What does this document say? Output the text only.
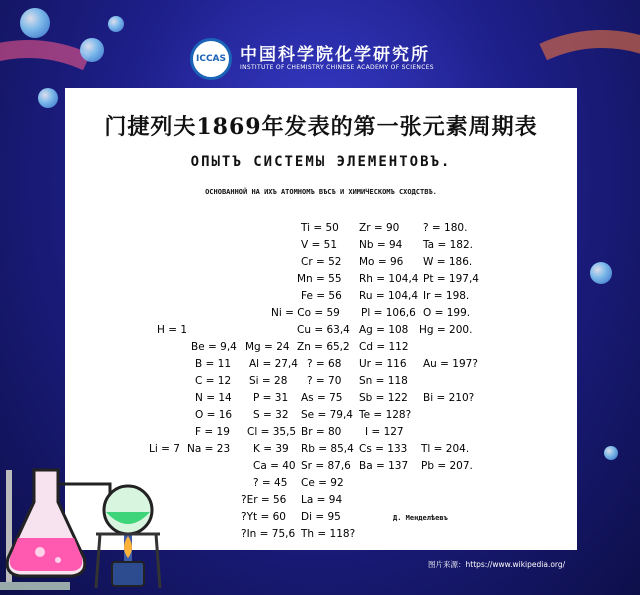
ICCAS 中国科学院化学研究所
INSTITUTE OF CHEMISTRY CHINESE ACADEMY OF SCIENCES
门捷列夫1869年发表的第一张元素周期表
ОПЫТЪ СИСТЕМЫ ЭЛЕМЕНТОВЪ.
ОСНОВАННОЙ НА ИХЪ АТОМНОМЪ ВѢСѢ И ХИМИЧЕСКОМЪ СХОДСТВѢ.
Ti = 50 Zr = 90 ? = 180.
V = 51 Nb = 94 Ta = 182.
Cr = 52 Mo = 96 W = 186.
Mn = 55 Rh = 104,4 Pt = 197,4
Fe = 56 Ru = 104,4 Ir = 198.
Ni = Co = 59 Pl = 106,6 O = 199.
H = 1	Cu = 63,4 Ag = 108 Hg = 200.
Be = 9,4 Mg = 24 Zn = 65,2 Cd = 112
B = 11 Al = 27,4 ? = 68 Ur = 116 Au = 197?
C = 12 Si = 28 ? = 70 Sn = 118
N = 14 P = 31 As = 75 Sb = 122 Bi = 210?
O = 16 S = 32 Se = 79,4 Te = 128?
F = 19 Cl = 35,5 Br = 80 I = 127
Li = 7 Na = 23 K = 39 Rb = 85,4 Cs = 133 Tl = 204.
Ca = 40 Sr = 87,6 Ba = 137 Pb = 207.
? = 45 Ce = 92
?Er = 56 La = 94
?Yt = 60 Di = 95
?In = 75,6 Th = 118?
Д. Менделѣевъ
图片来源：https://www.wikipedia.org/
